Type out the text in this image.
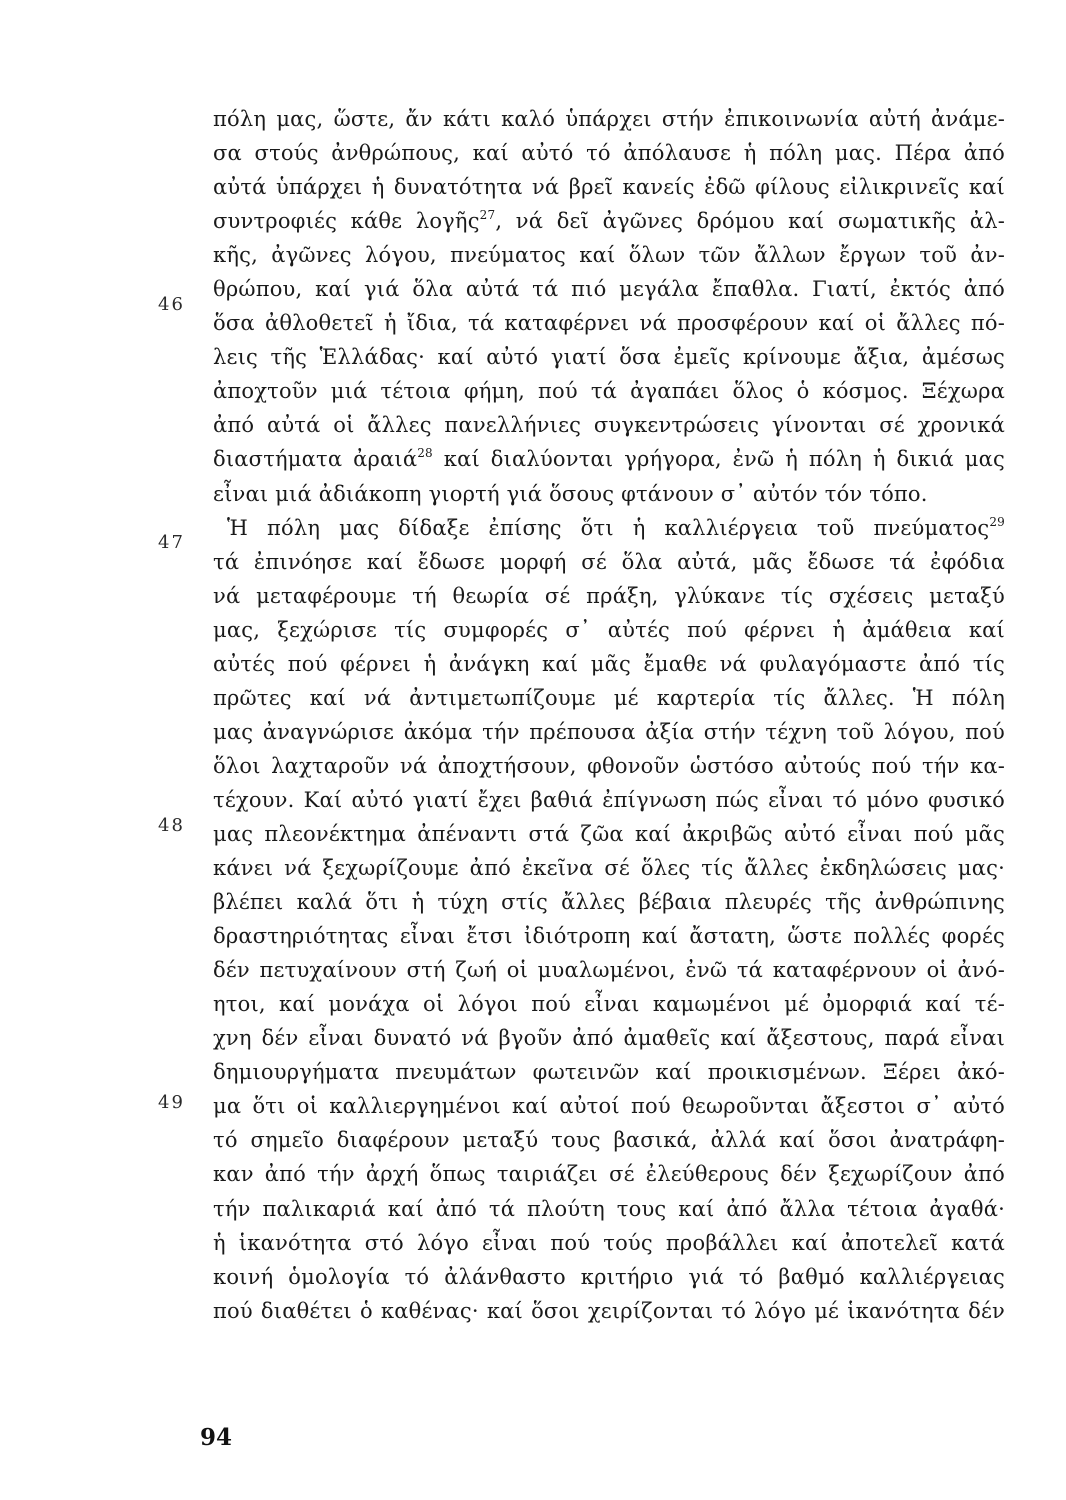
46
47
48
49
πόλη μας, ὥστε, ἄν κάτι καλό ὑπάρχει στήν ἐπικοινωνία αὐτή ἀνάμε-
σα στούς ἀνθρώπους, καί αὐτό τό ἀπόλαυσε ἡ πόλη μας. Πέρα ἀπό
αὐτά ὑπάρχει ἡ δυνατότητα νά βρεῖ κανείς ἐδῶ φίλους εἰλικρινεῖς καί
συντροφιές κάθε λογῆς$^{27}$, νά δεῖ ἀγῶνες δρόμου καί σωματικῆς ἀλ-
κῆς, ἀγῶνες λόγου, πνεύματος καί ὅλων τῶν ἄλλων ἔργων τοῦ ἀν-
θρώπου, καί γιά ὅλα αὐτά τά πιό μεγάλα ἔπαθλα. Γιατί, ἐκτός ἀπό
ὅσα ἀθλοθετεῖ ἡ ἴδια, τά καταφέρνει νά προσφέρουν καί οἱ ἄλλες πό-
λεις τῆς Ἑλλάδας· καί αὐτό γιατί ὅσα ἐμεῖς κρίνουμε ἄξια, ἀμέσως
ἀποχτοῦν μιά τέτοια φήμη, πού τά ἀγαπάει ὅλος ὁ κόσμος. Ξέχωρα
ἀπό αὐτά οἱ ἄλλες πανελλήνιες συγκεντρώσεις γίνονται σέ χρονικά
διαστήματα ἀραιά$^{28}$ καί διαλύονται γρήγορα, ἐνῶ ἡ πόλη ἡ δικιά μας
εἶναι μιά ἀδιάκοπη γιορτή γιά ὅσους φτάνουν σ᾽ αὐτόν τόν τόπο.
Ἡ πόλη μας δίδαξε ἐπίσης ὅτι ἡ καλλιέργεια τοῦ πνεύματος$^{29}$
τά ἐπινόησε καί ἔδωσε μορφή σέ ὅλα αὐτά, μᾶς ἔδωσε τά ἐφόδια
νά μεταφέρουμε τή θεωρία σέ πράξη, γλύκανε τίς σχέσεις μεταξύ
μας, ξεχώρισε τίς συμφορές σ᾽ αὐτές πού φέρνει ἡ ἀμάθεια καί
αὐτές πού φέρνει ἡ ἀνάγκη καί μᾶς ἔμαθε νά φυλαγόμαστε ἀπό τίς
πρῶτες καί νά ἀντιμετωπίζουμε μέ καρτερία τίς ἄλλες. Ἡ πόλη
μας ἀναγνώρισε ἀκόμα τήν πρέπουσα ἀξία στήν τέχνη τοῦ λόγου, πού
ὅλοι λαχταροῦν νά ἀποχτήσουν, φθονοῦν ὡστόσο αὐτούς πού τήν κα-
τέχουν. Καί αὐτό γιατί ἔχει βαθιά ἐπίγνωση πώς εἶναι τό μόνο φυσικό
μας πλεονέκτημα ἀπέναντι στά ζῶα καί ἀκριβῶς αὐτό εἶναι πού μᾶς
κάνει νά ξεχωρίζουμε ἀπό ἐκεῖνα σέ ὅλες τίς ἄλλες ἐκδηλώσεις μας·
βλέπει καλά ὅτι ἡ τύχη στίς ἄλλες βέβαια πλευρές τῆς ἀνθρώπινης
δραστηριότητας εἶναι ἔτσι ἰδιότροπη καί ἄστατη, ὥστε πολλές φορές
δέν πετυχαίνουν στή ζωή οἱ μυαλωμένοι, ἐνῶ τά καταφέρνουν οἱ ἀνό-
ητοι, καί μονάχα οἱ λόγοι πού εἶναι καμωμένοι μέ ὀμορφιά καί τέ-
χνη δέν εἶναι δυνατό νά βγοῦν ἀπό ἀμαθεῖς καί ἄξεστους, παρά εἶναι
δημιουργήματα πνευμάτων φωτεινῶν καί προικισμένων. Ξέρει ἀκό-
μα ὅτι οἱ καλλιεργημένοι καί αὐτοί πού θεωροῦνται ἄξεστοι σ᾽ αὐτό
τό σημεῖο διαφέρουν μεταξύ τους βασικά, ἀλλά καί ὅσοι ἀνατράφη-
καν ἀπό τήν ἀρχή ὅπως ταιριάζει σέ ἐλεύθερους δέν ξεχωρίζουν ἀπό
τήν παλικαριά καί ἀπό τά πλούτη τους καί ἀπό ἄλλα τέτοια ἀγαθά·
ἡ ἱκανότητα στό λόγο εἶναι πού τούς προβάλλει καί ἀποτελεῖ κατά
κοινή ὁμολογία τό ἀλάνθαστο κριτήριο γιά τό βαθμό καλλιέργειας
πού διαθέτει ὁ καθένας· καί ὅσοι χειρίζονται τό λόγο μέ ἱκανότητα δέν
94
